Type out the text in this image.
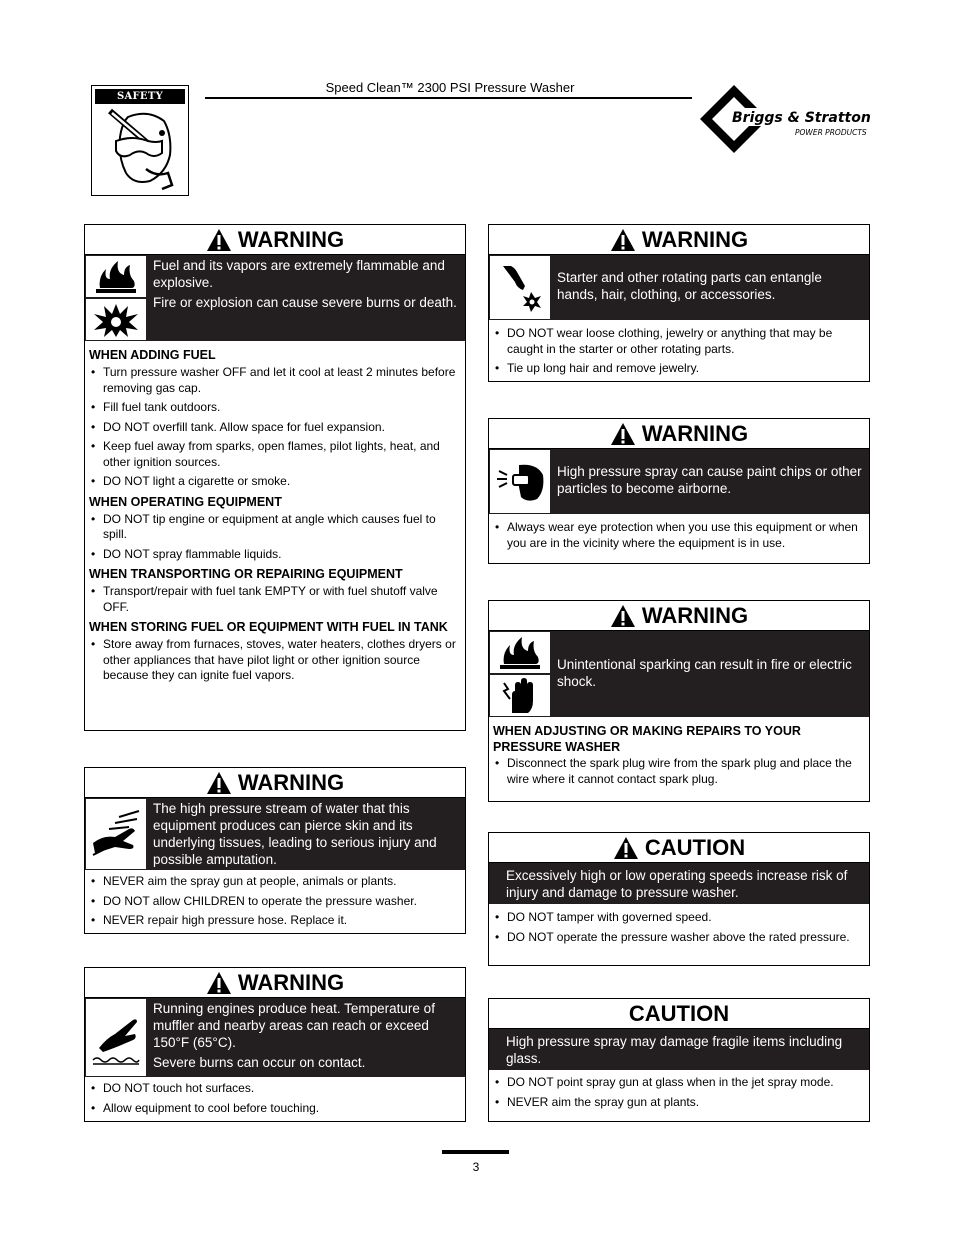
Speed Clean™ 2300 PSI Pressure Washer
SAFETY RULES	Briggs & Stratton
POWER PRODUCTS
WARNING

Fuel and its vapors are extremely flammable and explosive.

Fire or explosion can cause severe burns or death.

WHEN ADDING FUEL
• Turn pressure washer OFF and let it cool at least 2 minutes before removing gas cap.
• Fill fuel tank outdoors.
• DO NOT overfill tank. Allow space for fuel expansion.
• Keep fuel away from sparks, open flames, pilot lights, heat, and other ignition sources.
• DO NOT light a cigarette or smoke.
WHEN OPERATING EQUIPMENT
• DO NOT tip engine or equipment at angle which causes fuel to spill.
• DO NOT spray flammable liquids.
WHEN TRANSPORTING OR REPAIRING EQUIPMENT
• Transport/repair with fuel tank EMPTY or with fuel shutoff valve OFF.
WHEN STORING FUEL OR EQUIPMENT WITH FUEL IN TANK
• Store away from furnaces, stoves, water heaters, clothes dryers or other appliances that have pilot light or other ignition source because they can ignite fuel vapors.
WARNING

The high pressure stream of water that this equipment produces can pierce skin and its underlying tissues, leading to serious injury and possible amputation.

• NEVER aim the spray gun at people, animals or plants.
• DO NOT allow CHILDREN to operate the pressure washer.
• NEVER repair high pressure hose. Replace it.
WARNING

Running engines produce heat. Temperature of muffler and nearby areas can reach or exceed 150°F (65°C).

Severe burns can occur on contact.

• DO NOT touch hot surfaces.
• Allow equipment to cool before touching.
WARNING

Starter and other rotating parts can entangle hands, hair, clothing, or accessories.

• DO NOT wear loose clothing, jewelry or anything that may be caught in the starter or other rotating parts.
• Tie up long hair and remove jewelry.
WARNING

High pressure spray can cause paint chips or other particles to become airborne.

• Always wear eye protection when you use this equipment or when you are in the vicinity where the equipment is in use.
WARNING

Unintentional sparking can result in fire or electric shock.

WHEN ADJUSTING OR MAKING REPAIRS TO YOUR PRESSURE WASHER
• Disconnect the spark plug wire from the spark plug and place the wire where it cannot contact spark plug.
CAUTION

Excessively high or low operating speeds increase risk of injury and damage to pressure washer.

• DO NOT tamper with governed speed.
• DO NOT operate the pressure washer above the rated pressure.
CAUTION

High pressure spray may damage fragile items including glass.

• DO NOT point spray gun at glass when in the jet spray mode.
• NEVER aim the spray gun at plants.
3
